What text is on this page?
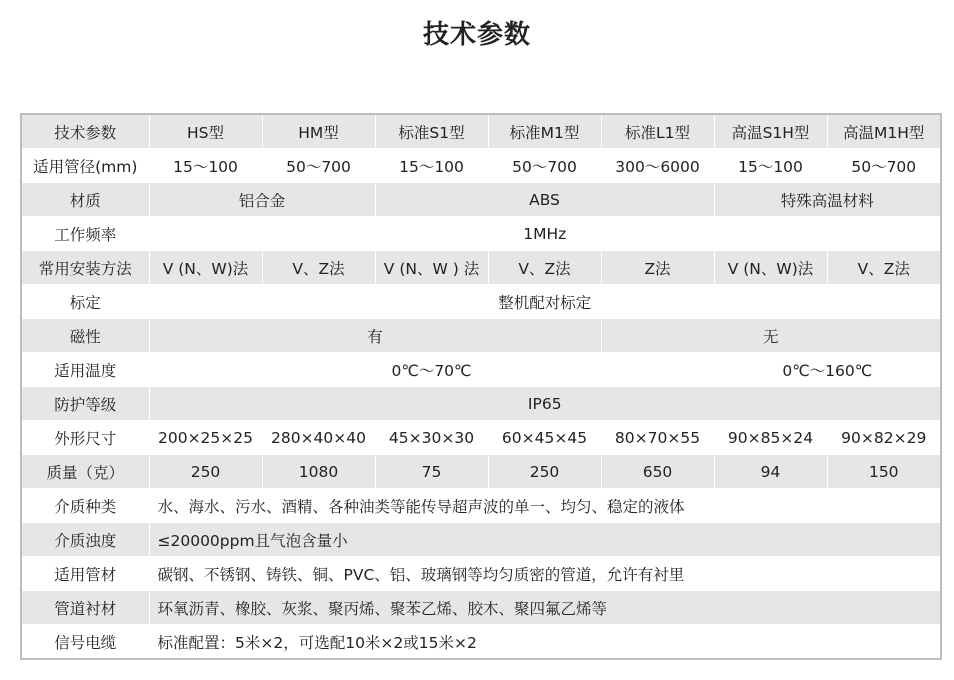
技术参数
技术参数	HS型	HM型	标准S1型	标准M1型	标准L1型	高温S1H型	高温M1H型
适用管径(mm)	15～100	50～700	15～100	50～700	300～6000	15～100	50～700
材质	铝合金		ABS			特殊高温材料	
工作频率	1MHz						
常用安装方法	V (N、W)法	V、Z法	V (N、W ) 法	V、Z法	Z法	V (N、W)法	V、Z法
标定	整机配对标定						
磁性	有				无		
适用温度	0℃～70℃					0℃～160℃	
防护等级	IP65						
外形尺寸	200×25×25	280×40×40	45×30×30	60×45×45	80×70×55	90×85×24	90×82×29
质量（克）	250	1080	75	250	650	94	150
介质种类	水、海水、污水、酒精、各种油类等能传导超声波的单一、均匀、稳定的液体						
介质浊度	≤20000ppm且气泡含量小						
适用管材	碳钢、不锈钢、铸铁、铜、PVC、铝、玻璃钢等均匀质密的管道，允许有衬里						
管道衬材	环氧沥青、橡胶、灰浆、聚丙烯、聚苯乙烯、胶木、聚四氟乙烯等						
信号电缆	标准配置：5米×2，可选配10米×2或15米×2						
